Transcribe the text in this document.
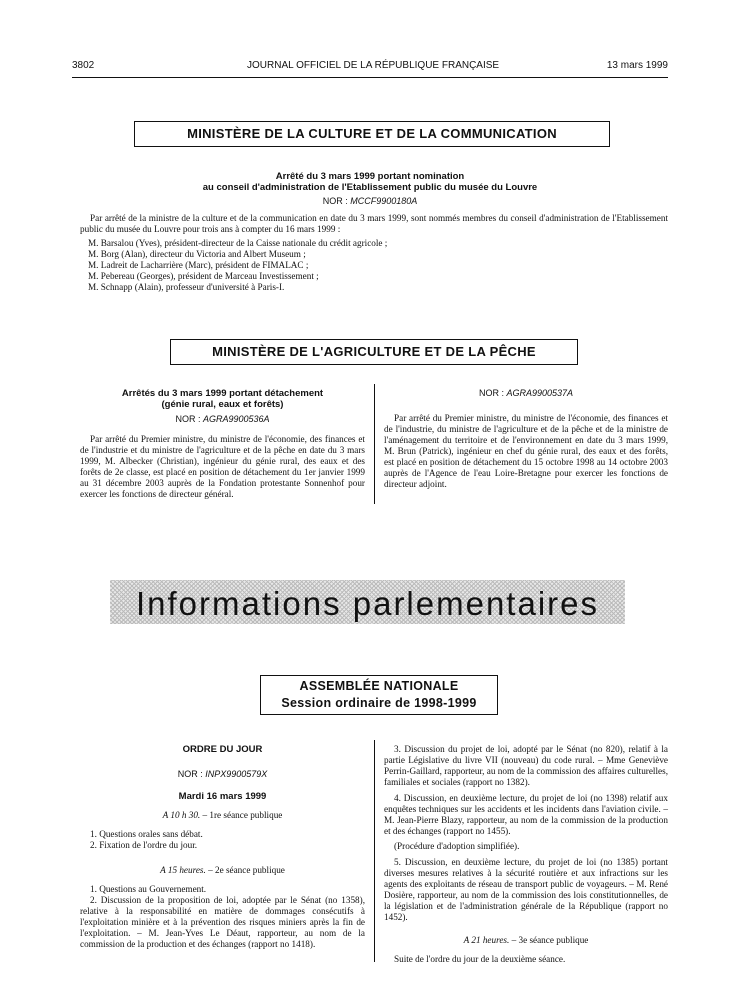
3802	JOURNAL OFFICIEL DE LA RÉPUBLIQUE FRANÇAISE	13 mars 1999
MINISTÈRE DE LA CULTURE ET DE LA COMMUNICATION
Arrêté du 3 mars 1999 portant nomination
au conseil d'administration de l'Etablissement public du musée du Louvre
NOR : MCCF9900180A
Par arrêté de la ministre de la culture et de la communication en date du 3 mars 1999, sont nommés membres du conseil d'administration de l'Etablissement public du musée du Louvre pour trois ans à compter du 16 mars 1999 :
M. Barsalou (Yves), président-directeur de la Caisse nationale du crédit agricole ;
M. Borg (Alan), directeur du Victoria and Albert Museum ;
M. Ladreit de Lacharrière (Marc), président de FIMALAC ;
M. Pebereau (Georges), président de Marceau Investissement ;
M. Schnapp (Alain), professeur d'université à Paris-I.
MINISTÈRE DE L'AGRICULTURE ET DE LA PÊCHE
Arrêtés du 3 mars 1999 portant détachement
(génie rural, eaux et forêts)
NOR : AGRA9900536A

Par arrêté du Premier ministre, du ministre de l'économie, des finances et de l'industrie et du ministre de l'agriculture et de la pêche en date du 3 mars 1999, M. Albecker (Christian), ingénieur du génie rural, des eaux et des forêts de 2e classe, est placé en position de détachement du 1er janvier 1999 au 31 décembre 2003 auprès de la Fondation protestante Sonnenhof pour exercer les fonctions de directeur général.

NOR : AGRA9900537A

Par arrêté du Premier ministre, du ministre de l'économie, des finances et de l'industrie, du ministre de l'agriculture et de la pêche et de la ministre de l'aménagement du territoire et de l'environnement en date du 3 mars 1999, M. Brun (Patrick), ingénieur en chef du génie rural, des eaux et des forêts, est placé en position de détachement du 15 octobre 1998 au 14 octobre 2003 auprès de l'Agence de l'eau Loire-Bretagne pour exercer les fonctions de directeur adjoint.

Informations parlementaires
ASSEMBLÉE NATIONALE
Session ordinaire de 1998-1999
ORDRE DU JOUR
NOR : INPX9900579X
Mardi 16 mars 1999
A 10 h 30. – 1re séance publique
1. Questions orales sans débat.
2. Fixation de l'ordre du jour.
A 15 heures. – 2e séance publique
1. Questions au Gouvernement.

2. Discussion de la proposition de loi, adoptée par le Sénat (no 1358), relative à la responsabilité en matière de dommages consécutifs à l'exploitation minière et à la prévention des risques miniers après la fin de l'exploitation. – M. Jean-Yves Le Déaut, rapporteur, au nom de la commission de la production et des échanges (rapport no 1418).

3. Discussion du projet de loi, adopté par le Sénat (no 820), relatif à la partie Législative du livre VII (nouveau) du code rural. – Mme Geneviève Perrin-Gaillard, rapporteur, au nom de la commission des affaires culturelles, familiales et sociales (rapport no 1382).

4. Discussion, en deuxième lecture, du projet de loi (no 1398) relatif aux enquêtes techniques sur les accidents et les incidents dans l'aviation civile. – M. Jean-Pierre Blazy, rapporteur, au nom de la commission de la production et des échanges (rapport no 1455).

(Procédure d'adoption simplifiée).

5. Discussion, en deuxième lecture, du projet de loi (no 1385) portant diverses mesures relatives à la sécurité routière et aux infractions sur les agents des exploitants de réseau de transport public de voyageurs. – M. René Dosière, rapporteur, au nom de la commission des lois constitutionnelles, de la législation et de l'administration générale de la République (rapport no 1452).

A 21 heures. – 3e séance publique

Suite de l'ordre du jour de la deuxième séance.
